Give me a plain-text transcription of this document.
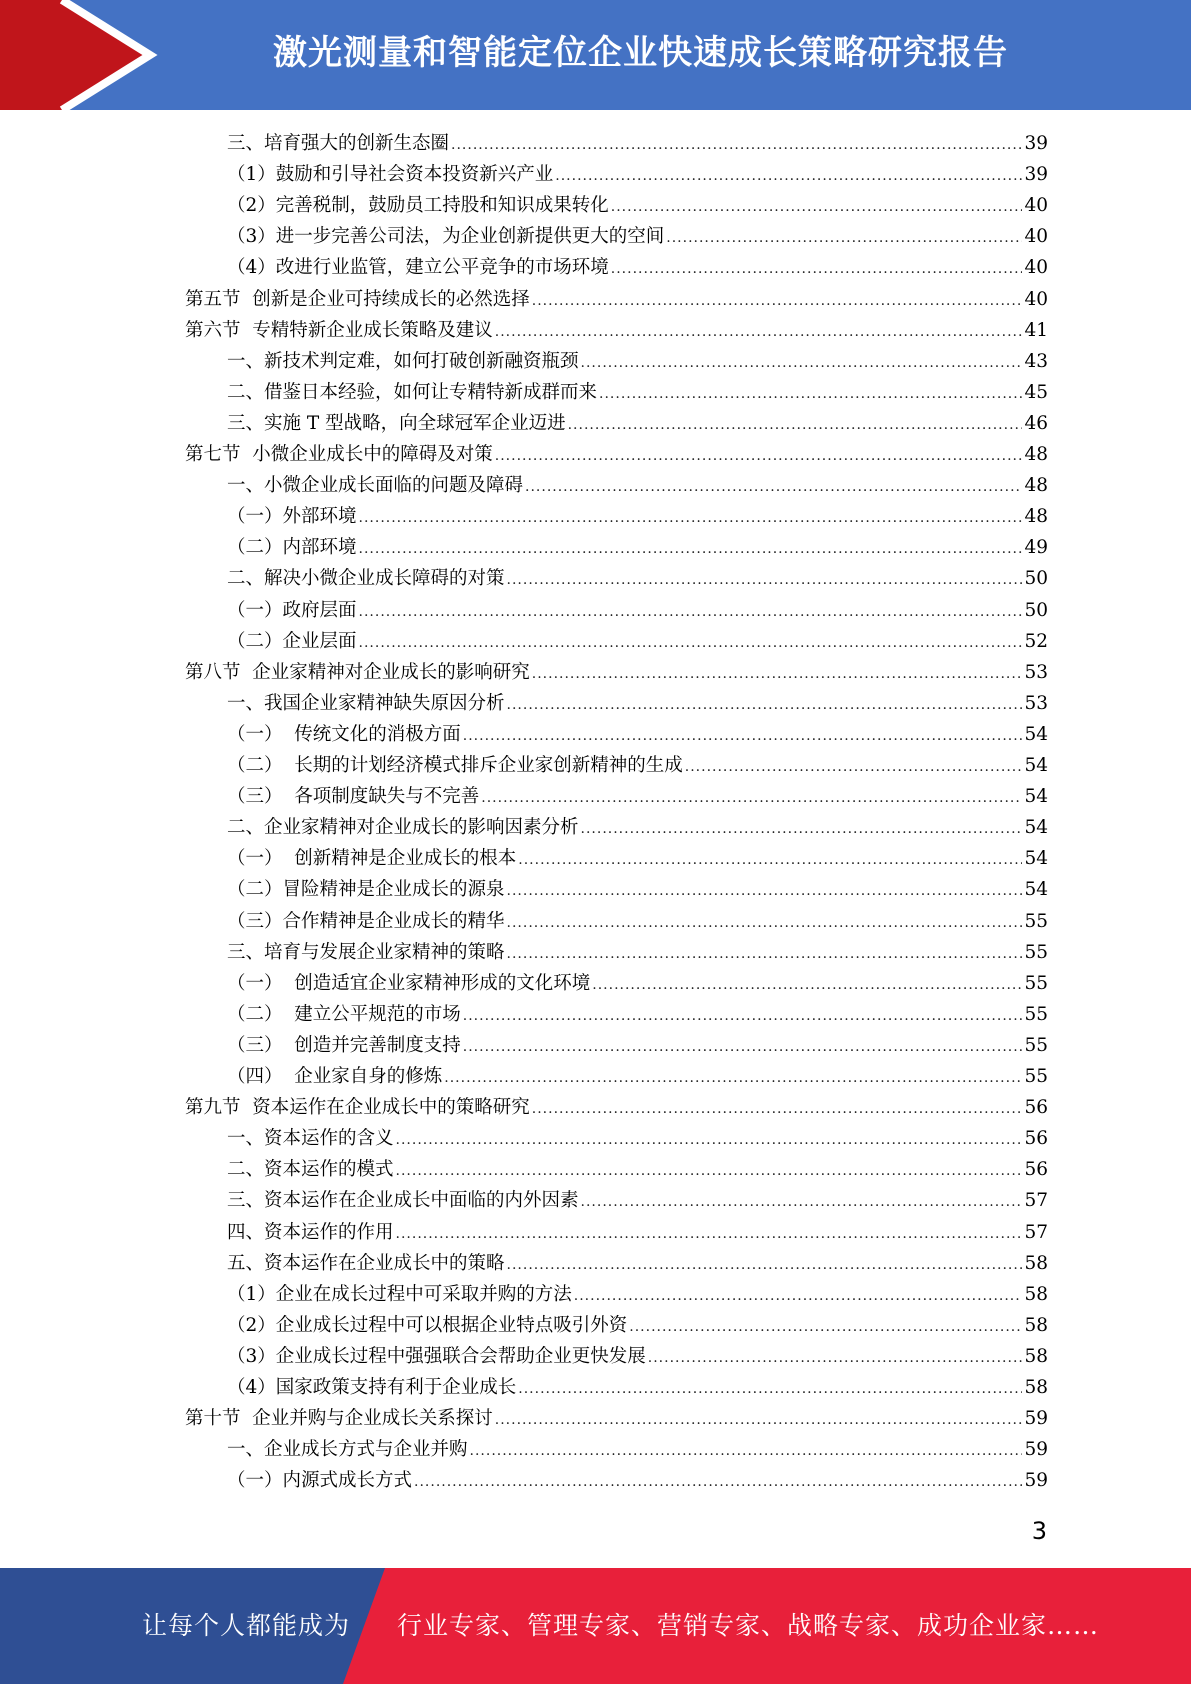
激光测量和智能定位企业快速成长策略研究报告
三、培育强大的创新生态圈 .....	39
（1）鼓励和引导社会资本投资新兴产业 .....	39
（2）完善税制，鼓励员工持股和知识成果转化 .....	40
（3）进一步完善公司法，为企业创新提供更大的空间 .....	40
（4）改进行业监管，建立公平竞争的市场环境 .....	40
第五节  创新是企业可持续成长的必然选择 .....	40
第六节  专精特新企业成长策略及建议 .....	41
一、新技术判定难，如何打破创新融资瓶颈 .....	43
二、借鉴日本经验，如何让专精特新成群而来 .....	45
三、实施 T 型战略，向全球冠军企业迈进 .....	46
第七节  小微企业成长中的障碍及对策 .....	48
一、小微企业成长面临的问题及障碍 .....	48
（一）外部环境 .....	48
（二）内部环境 .....	49
二、解决小微企业成长障碍的对策 .....	50
（一）政府层面 .....	50
（二）企业层面 .....	52
第八节  企业家精神对企业成长的影响研究 .....	53
一、我国企业家精神缺失原因分析 .....	53
（一）  传统文化的消极方面 .....	54
（二）  长期的计划经济模式排斥企业家创新精神的生成 .....	54
（三）  各项制度缺失与不完善 .....	54
二、企业家精神对企业成长的影响因素分析 .....	54
（一）  创新精神是企业成长的根本 .....	54
（二）冒险精神是企业成长的源泉 .....	54
（三）合作精神是企业成长的精华 .....	55
三、培育与发展企业家精神的策略 .....	55
（一）  创造适宜企业家精神形成的文化环境 .....	55
（二）  建立公平规范的市场 .....	55
（三）  创造并完善制度支持 .....	55
（四）  企业家自身的修炼 .....	55
第九节  资本运作在企业成长中的策略研究 .....	56
一、资本运作的含义 .....	56
二、资本运作的模式 .....	56
三、资本运作在企业成长中面临的内外因素 .....	57
四、资本运作的作用 .....	57
五、资本运作在企业成长中的策略 .....	58
（1）企业在成长过程中可采取并购的方法 .....	58
（2）企业成长过程中可以根据企业特点吸引外资 .....	58
（3）企业成长过程中强强联合会帮助企业更快发展 .....	58
（4）国家政策支持有利于企业成长 .....	58
第十节  企业并购与企业成长关系探讨 .....	59
一、企业成长方式与企业并购 .....	59
（一）内源式成长方式 .....	59
3
让每个人都能成为 行业专家、管理专家、营销专家、战略专家、成功企业家……
